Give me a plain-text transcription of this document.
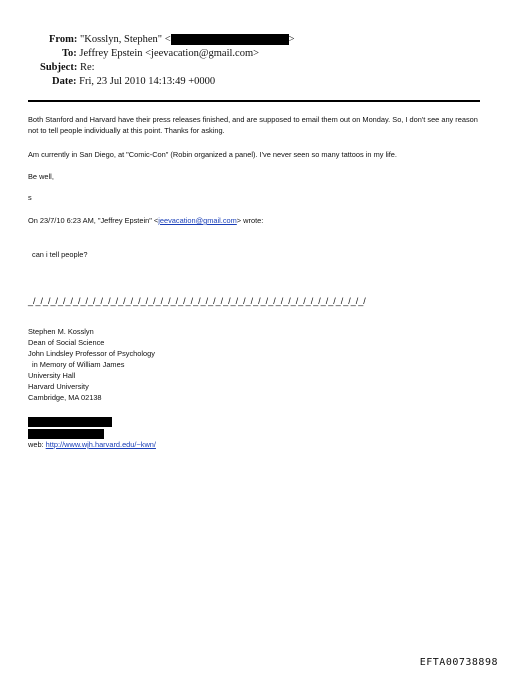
From: "Kosslyn, Stephen" <	>
To: Jeffrey Epstein <jeevacation@gmail.com>
Subject: Re:
Date: Fri, 23 Jul 2010 14:13:49 +0000
Both Stanford and Harvard have their press releases finished, and are supposed to email them out on Monday. So, I don't see any reason not to tell people individually at this point. Thanks for asking.
Am currently in San Diego, at "Comic-Con" (Robin organized a panel). I've never seen so many tattoos in my life.
Be well,
s
On 23/7/10 6:23 AM, "Jeffrey Epstein" <jeevacation@gmail.com> wrote:
can i tell people?
_/_/_/_/_/_/_/_/_/_/_/_/_/_/_/_/_/_/_/_/_/_/_/_/_/_/_/_/_/_/_/_/_/_/_/_/_/_/_/_/_/_/_/_/_/
Stephen M. Kosslyn
Dean of Social Science
John Lindsley Professor of Psychology
in Memory of William James
University Hall
Harvard University
Cambridge, MA 02138
web: http://www.wjh.harvard.edu/~kwn/
EFTA00738898
